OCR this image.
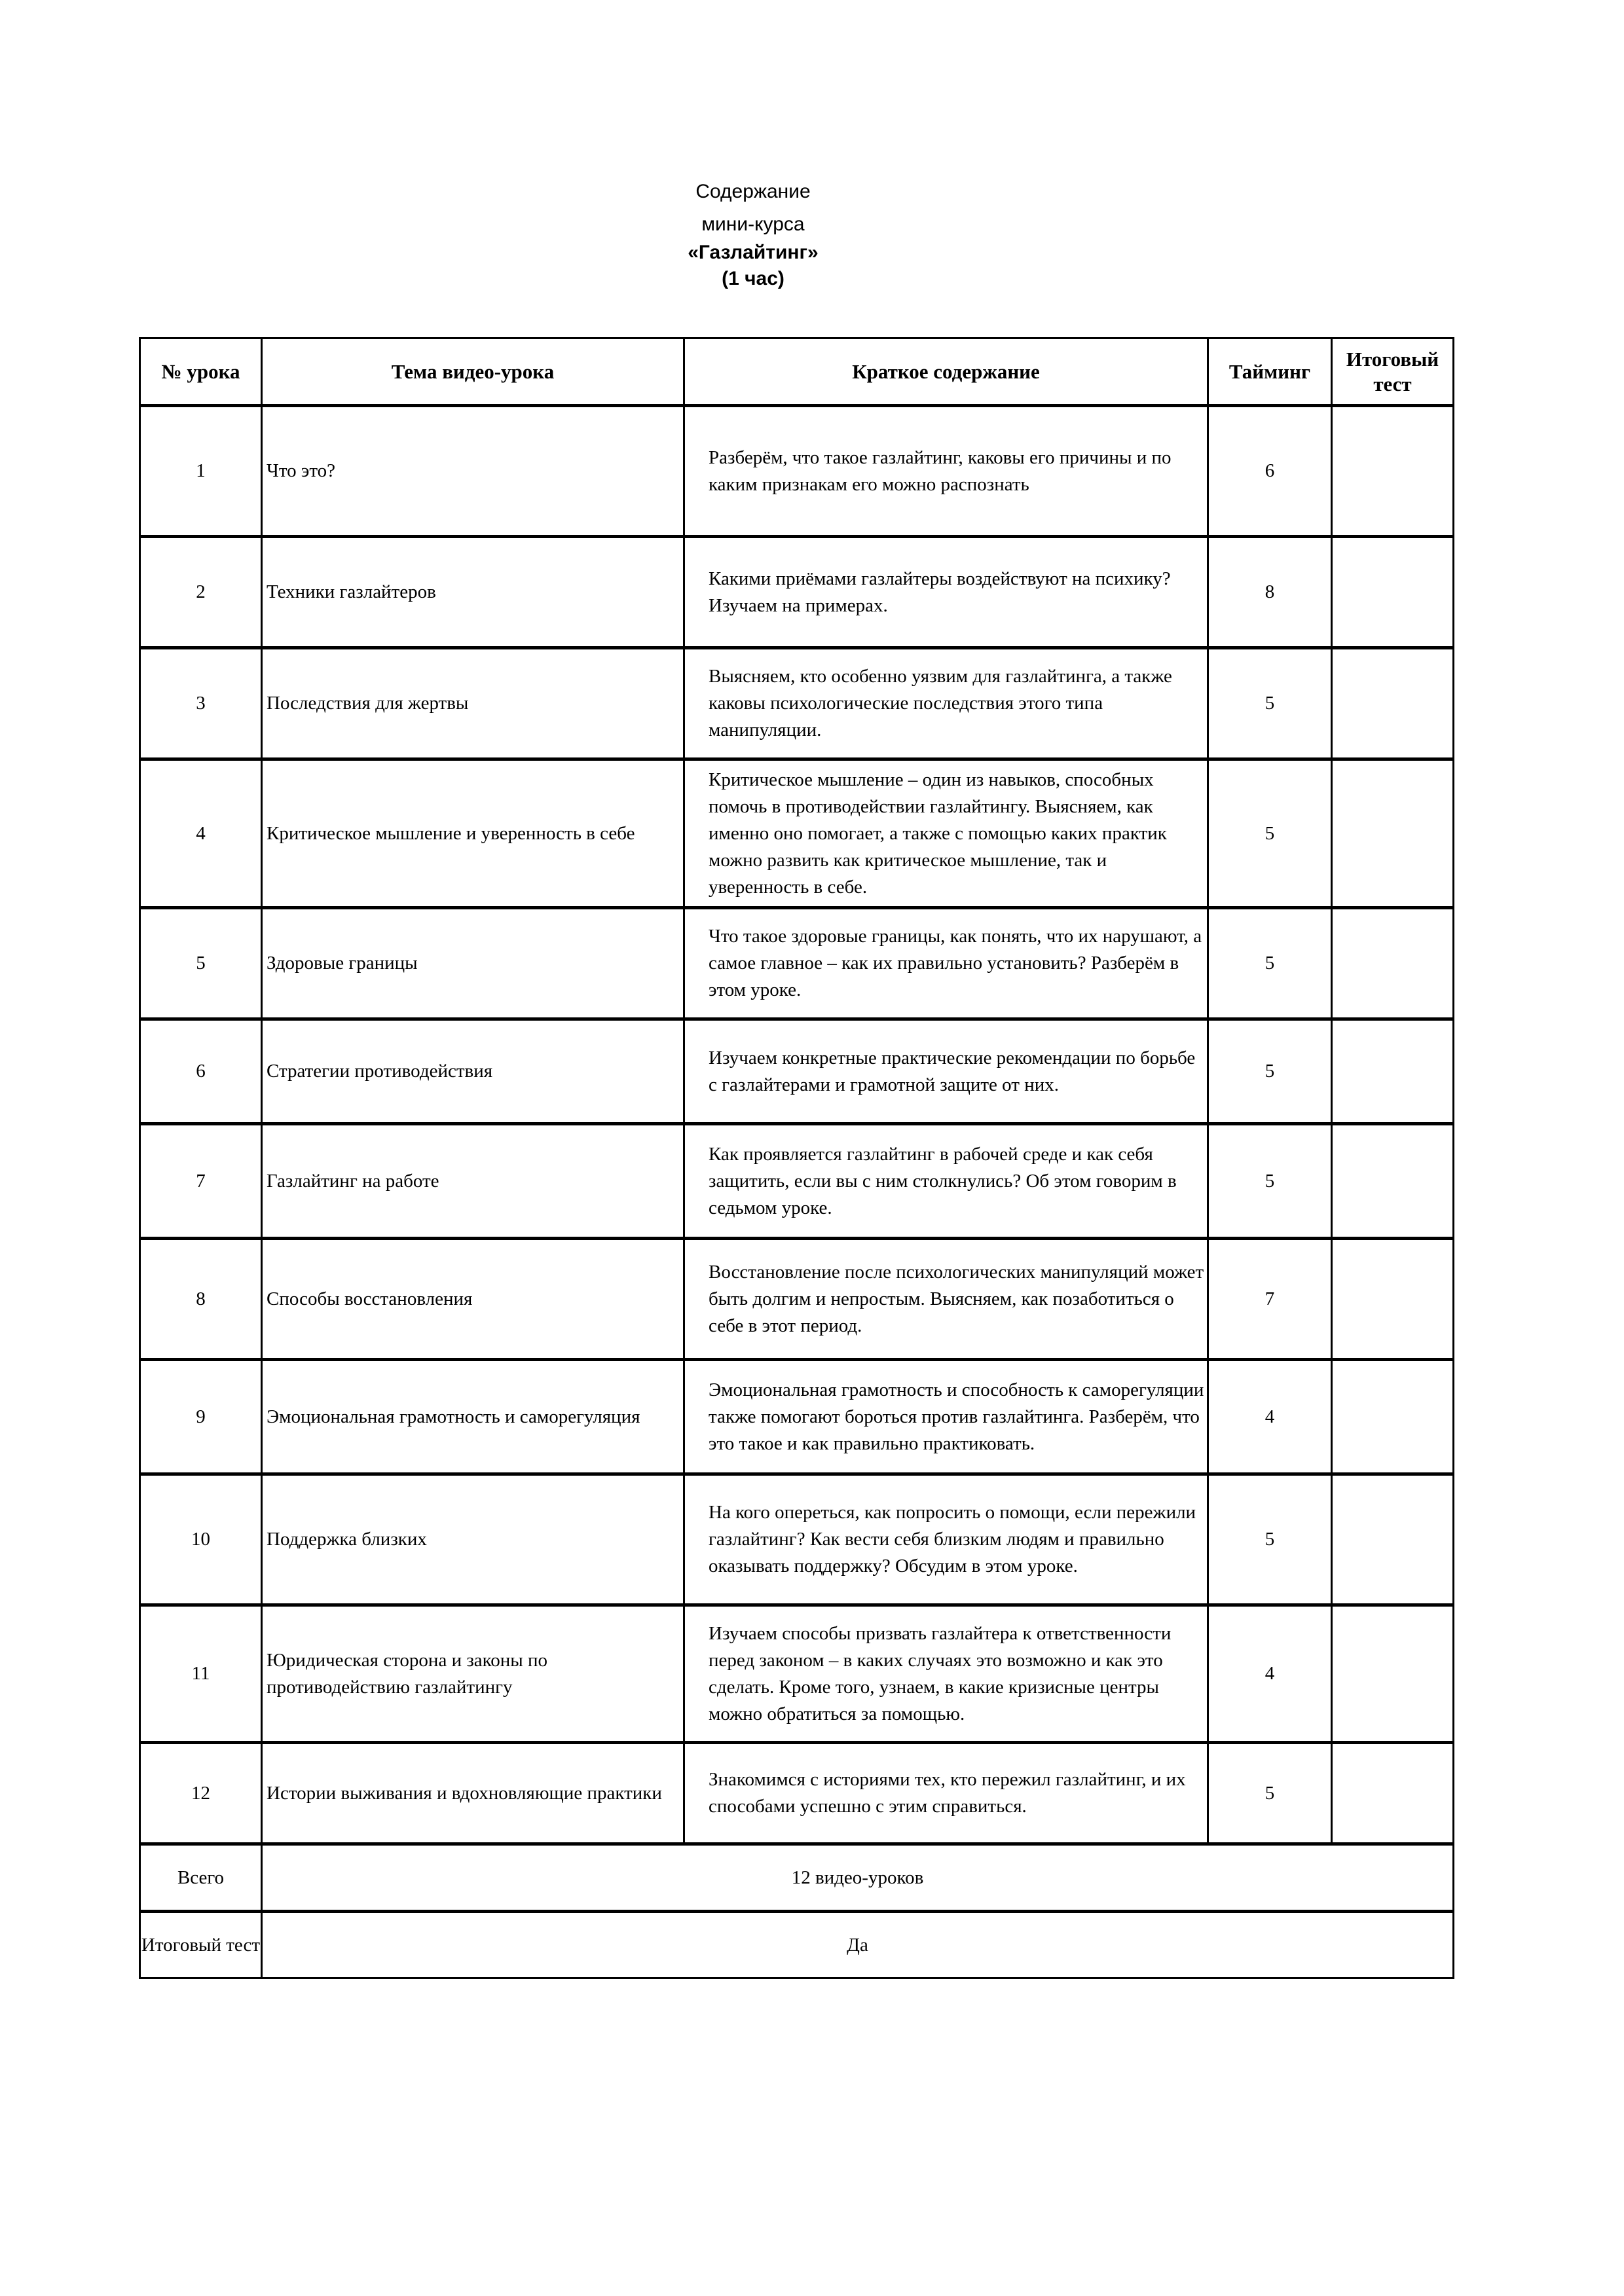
Содержание
мини-курса
«Газлайтинг»
(1 час)
№ урока	Тема видео-урока	Краткое содержание	Тайминг	Итоговый тест
1	Что это?	Разберём, что такое газлайтинг, каковы его причины и по каким признакам его можно распознать	6	
2	Техники газлайтеров	Какими приёмами газлайтеры воздействуют на психику? Изучаем на примерах.	8	
3	Последствия для жертвы	Выясняем, кто особенно уязвим для газлайтинга, а также каковы психологические последствия этого типа манипуляции.	5	
4	Критическое мышление и уверенность в себе	Критическое мышление – один из навыков, способных помочь в противодействии газлайтингу. Выясняем, как именно оно помогает, а также с помощью каких практик можно развить как критическое мышление, так и уверенность в себе.	5	
5	Здоровые границы	Что такое здоровые границы, как понять, что их нарушают, а самое главное – как их правильно установить? Разберём в этом уроке.	5	
6	Стратегии противодействия	Изучаем конкретные практические рекомендации по борьбе с газлайтерами и грамотной защите от них.	5	
7	Газлайтинг на работе	Как проявляется газлайтинг в рабочей среде и как себя защитить, если вы с ним столкнулись? Об этом говорим в седьмом уроке.	5	
8	Способы восстановления	Восстановление после психологических манипуляций может быть долгим и непростым. Выясняем, как позаботиться о себе в этот период.	7	
9	Эмоциональная грамотность и саморегуляция	Эмоциональная грамотность и способность к саморегуляции также помогают бороться против газлайтинга. Разберём, что это такое и как правильно практиковать.	4	
10	Поддержка близких	На кого опереться, как попросить о помощи, если пережили газлайтинг? Как вести себя близким людям и правильно оказывать поддержку? Обсудим в этом уроке.	5	
11	Юридическая сторона и законы по противодействию газлайтингу	Изучаем способы призвать газлайтера к ответственности перед законом – в каких случаях это возможно и как это сделать. Кроме того, узнаем, в какие кризисные центры можно обратиться за помощью.	4	
12	Истории выживания и вдохновляющие практики	Знакомимся с историями тех, кто пережил газлайтинг, и их способами успешно с этим справиться.	5	
Всего	12 видео-уроков			
Итоговый тест	Да			
